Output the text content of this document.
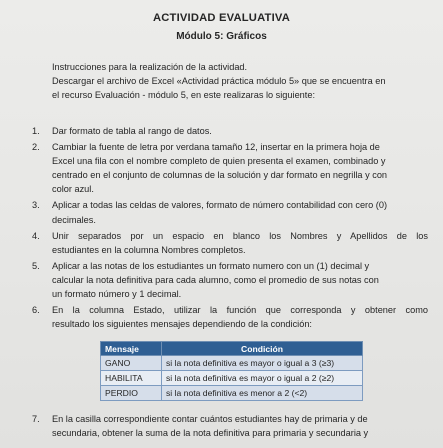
ACTIVIDAD EVALUATIVA
Módulo 5: Gráficos
Instrucciones para la realización de la actividad.
Descargar el archivo de Excel «Actividad práctica módulo 5» que se encuentra en
el recurso Evaluación - módulo 5, en este realizaras lo siguiente:
1.	Dar formato de tabla al rango de datos.
2.	Cambiar la fuente de letra por verdana tamaño 12, insertar en la primera hoja de
Excel una fila con el nombre completo de quien presenta el examen, combinado y
centrado en el conjunto de columnas de la solución y dar formato en negrilla y con
color azul.
3.	Aplicar a todas las celdas de valores, formato de número contabilidad con cero (0)
decimales.
4.	Unir separados por un espacio en blanco los Nombres y Apellidos de los
estudiantes en la columna Nombres completos.
5.	Aplicar a las notas de los estudiantes un formato numero con un (1) decimal y
calcular la nota definitiva para cada alumno, como el promedio de sus notas con
un formato número y 1 decimal.
6.	En la columna Estado, utilizar la función que corresponda y obtener como
resultado los siguientes mensajes dependiendo de la condición:
Mensaje	Condición
GANO	si la nota definitiva es mayor o igual a 3 (≥3)
HABILITA	si la nota definitiva es mayor o igual a 2 (≥2)
PERDIO	si la nota definitiva es menor a 2 (<2)
7.	En la casilla correspondiente contar cuántos estudiantes hay de primaria y de
secundaria, obtener la suma de la nota definitiva para primaria y secundaria y
